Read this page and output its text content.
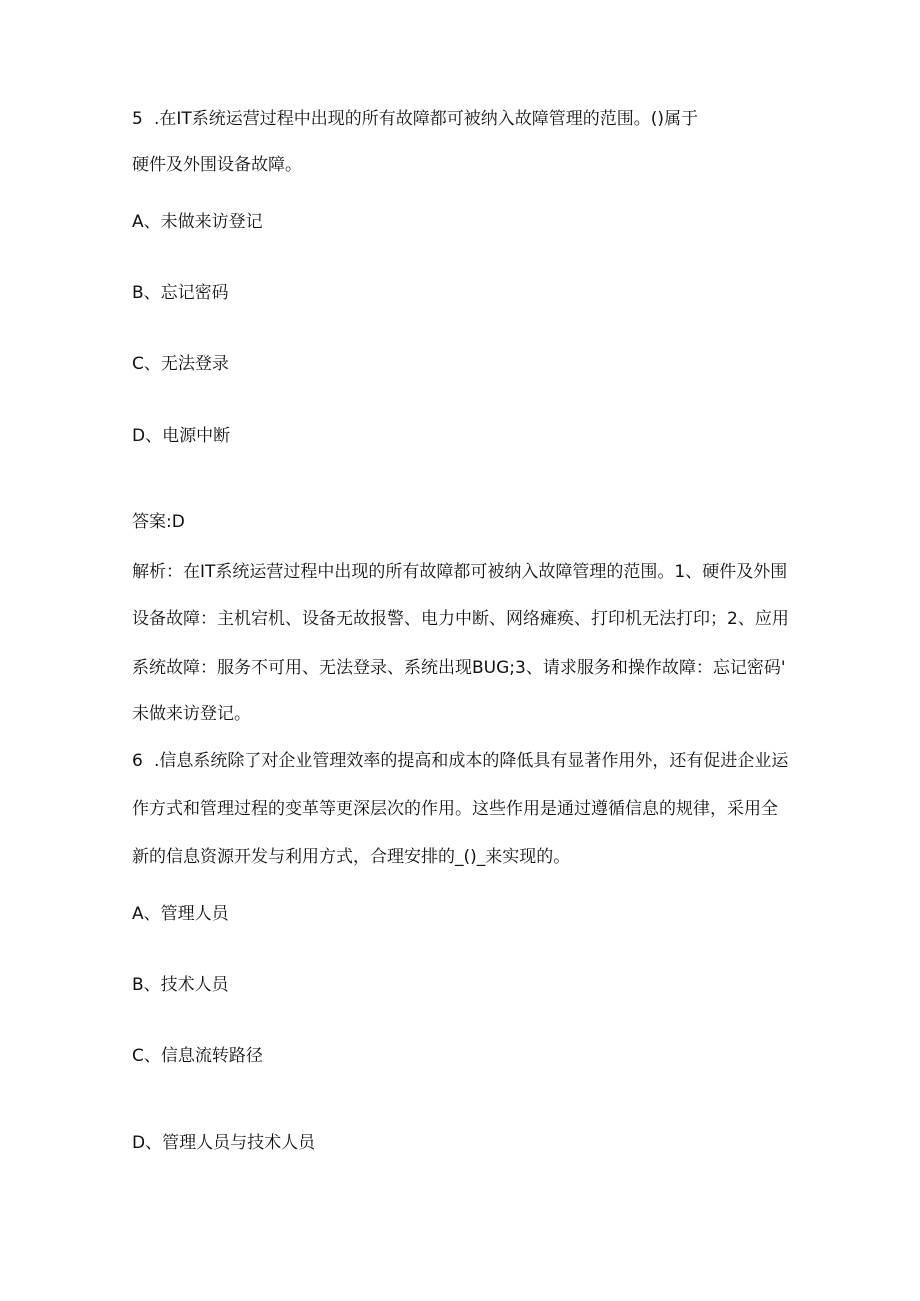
5 .在IT系统运营过程中出现的所有故障都可被纳入故障管理的范围。()属于
硬件及外围设备故障。
A、未做来访登记
B、忘记密码
C、无法登录
D、电源中断
答案:D
解析：在IT系统运营过程中出现的所有故障都可被纳入故障管理的范围。1、硬件及外围
设备故障：主机宕机、设备无故报警、电力中断、网络瘫痪、打印机无法打印；2、应用
系统故障：服务不可用、无法登录、系统出现BUG;3、请求服务和操作故障：忘记密码'
未做来访登记。
6 .信息系统除了对企业管理效率的提高和成本的降低具有显著作用外，还有促进企业运
作方式和管理过程的变革等更深层次的作用。这些作用是通过遵循信息的规律，采用全
新的信息资源开发与利用方式，合理安排的_()_来实现的。
A、管理人员
B、技术人员
C、信息流转路径
D、管理人员与技术人员
